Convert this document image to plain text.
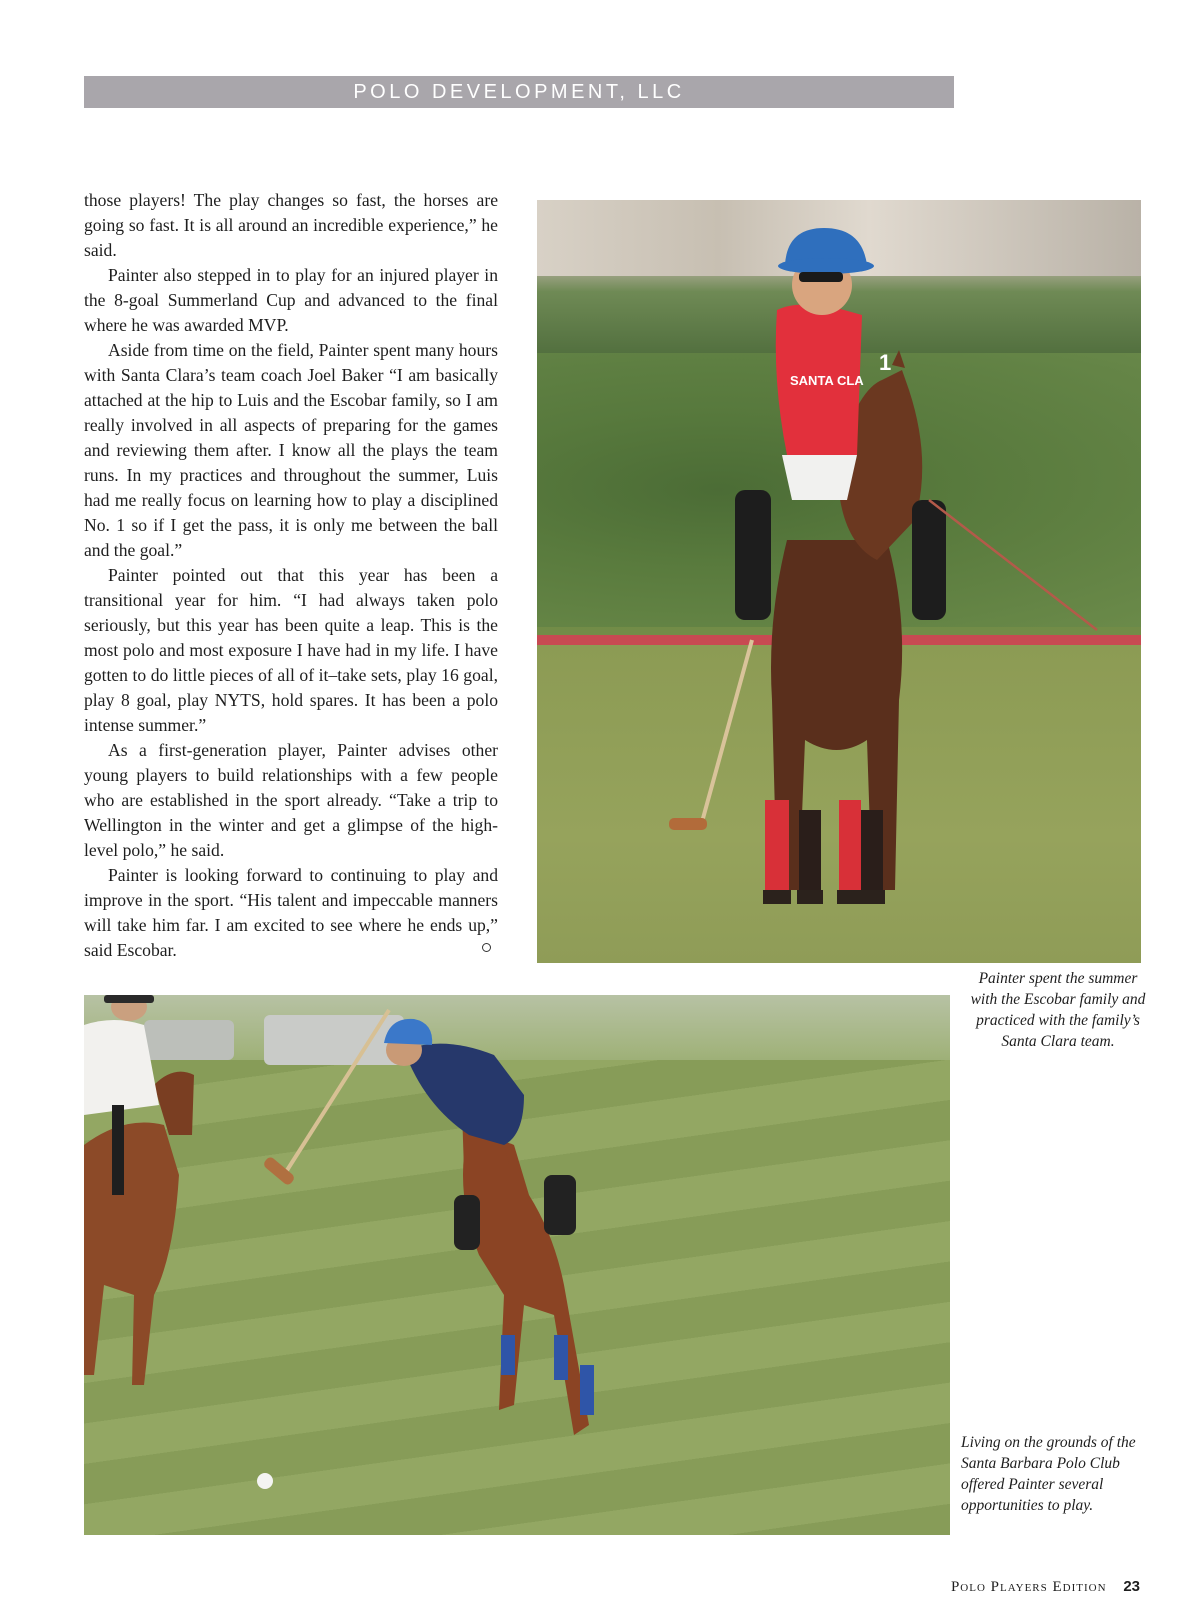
POLO DEVELOPMENT, LLC

those players! The play changes so fast, the horses are going so fast. It is all around an incredible experience,” he said.

Painter also stepped in to play for an injured player in the 8-goal Summerland Cup and advanced to the final where he was awarded MVP.

Aside from time on the field, Painter spent many hours with Santa Clara’s team coach Joel Baker “I am basically attached at the hip to Luis and the Escobar family, so I am really involved in all aspects of preparing for the games and reviewing them after. I know all the plays the team runs. In my practices and throughout the summer, Luis had me really focus on learning how to play a disciplined No. 1 so if I get the pass, it is only me between the ball and the goal.”

Painter pointed out that this year has been a transitional year for him. “I had always taken polo seriously, but this year has been quite a leap. This is the most polo and most exposure I have had in my life. I have gotten to do little pieces of all of it–take sets, play 16 goal, play 8 goal, play NYTS, hold spares. It has been a polo intense summer.”

As a first-generation player, Painter advises other young players to build relationships with a few people who are established in the sport already. “Take a trip to Wellington in the winter and get a glimpse of the high-level polo,” he said.

Painter is looking forward to continuing to play and improve in the sport. “His talent and impeccable manners will take him far. I am excited to see where he ends up,” said Escobar.

SANTA CLA
1
Painter spent the summer with the Escobar family and practiced with the family’s Santa Clara team.
Living on the grounds of the Santa Barbara Polo Club offered Painter several opportunities to play.
Polo Players Edition 23
